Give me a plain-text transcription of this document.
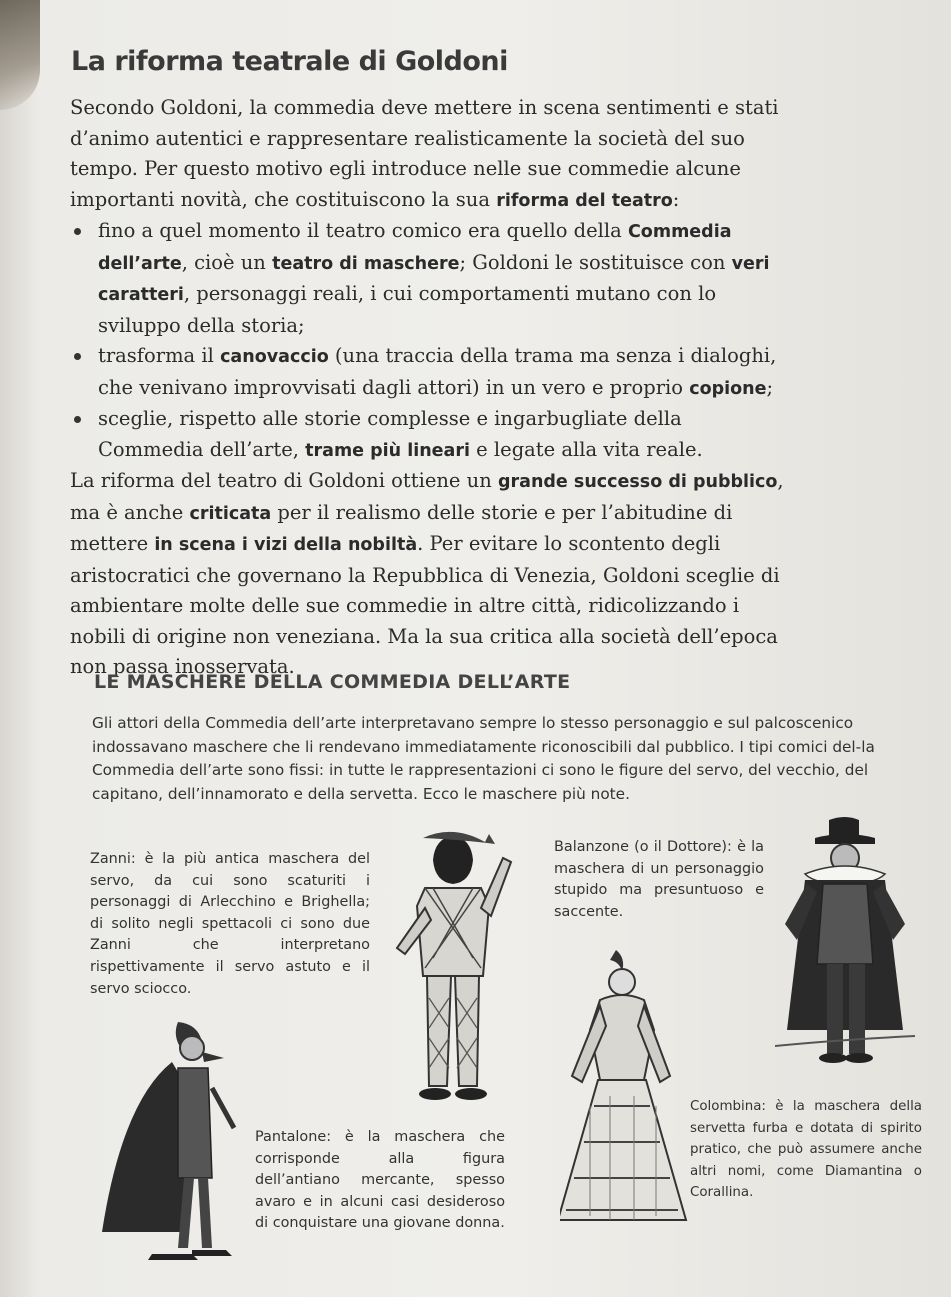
La riforma teatrale di Goldoni

Secondo Goldoni, la commedia deve mettere in scena sentimenti e stati d’animo autentici e rappresentare realisticamente la società del suo tempo. Per questo motivo egli introduce nelle sue commedie alcune importanti novità, che costituiscono la sua riforma del teatro:

fino a quel momento il teatro comico era quello della Commedia dell’arte, cioè un teatro di maschere; Goldoni le sostituisce con veri caratteri, personaggi reali, i cui comportamenti mutano con lo sviluppo della storia;
trasforma il canovaccio (una traccia della trama ma senza i dialoghi, che venivano improvvisati dagli attori) in un vero e proprio copione;
sceglie, rispetto alle storie complesse e ingarbugliate della Commedia dell’arte, trame più lineari e legate alla vita reale.

La riforma del teatro di Goldoni ottiene un grande successo di pubblico, ma è anche criticata per il realismo delle storie e per l’abitudine di mettere in scena i vizi della nobiltà. Per evitare lo scontento degli aristocratici che governano la Repubblica di Venezia, Goldoni sceglie di ambientare molte delle sue commedie in altre città, ridicolizzando i nobili di origine non veneziana. Ma la sua critica alla società dell’epoca non passa inosservata.

LE MASCHERE DELLA COMMEDIA DELL’ARTE

Gli attori della Commedia dell’arte interpretavano sempre lo stesso personaggio e sul palcoscenico indossavano maschere che li rendevano immediatamente riconoscibili dal pubblico. I tipi comici del-la Commedia dell’arte sono fissi: in tutte le rappresentazioni ci sono le figure del servo, del vecchio, del capitano, dell’innamorato e della servetta. Ecco le maschere più note.

Zanni: è la più antica maschera del servo, da cui sono scaturiti i personaggi di Arlecchino e Brighella; di solito negli spettacoli ci sono due Zanni che interpretano rispettivamente il servo astuto e il servo sciocco.

Balanzone (o il Dottore): è la maschera di un personaggio stupido ma presuntuoso e saccente.

Pantalone: è la maschera che corrisponde alla figura dell’antiano mercante, spesso avaro e in alcuni casi desideroso di conquistare una giovane donna.

Colombina: è la maschera della servetta furba e dotata di spirito pratico, che può assumere anche altri nomi, come Diamantina o Corallina.
